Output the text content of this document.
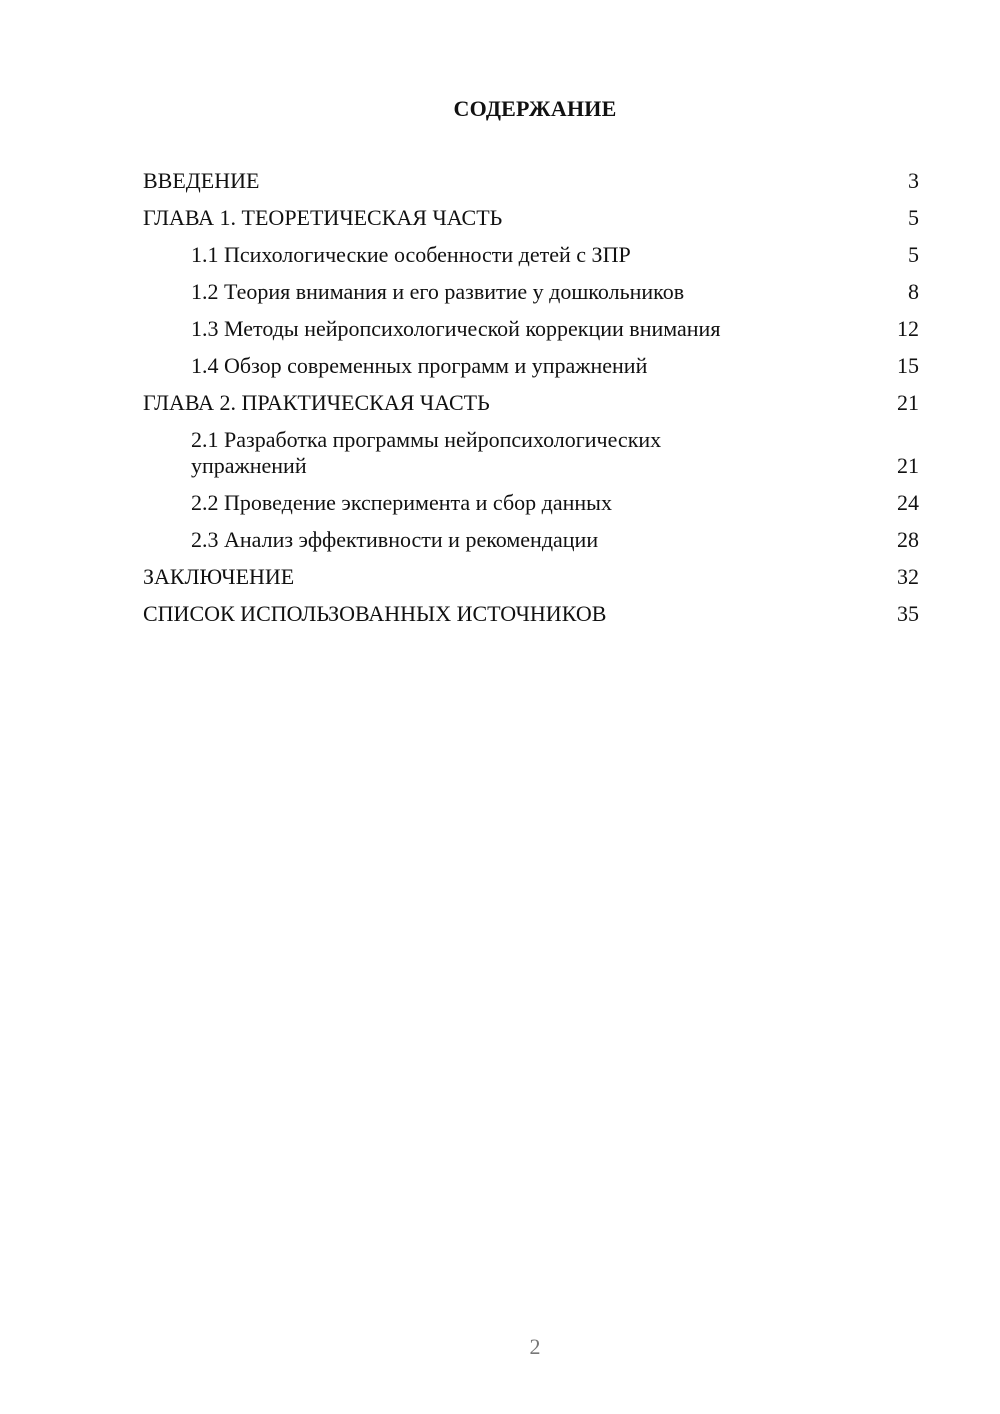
СОДЕРЖАНИЕ
ВВЕДЕНИЕ	3
ГЛАВА 1. ТЕОРЕТИЧЕСКАЯ ЧАСТЬ	5
1.1 Психологические особенности детей с ЗПР	5
1.2 Теория внимания и его развитие у дошкольников	8
1.3 Методы нейропсихологической коррекции внимания	12
1.4 Обзор современных программ и упражнений	15
ГЛАВА 2. ПРАКТИЧЕСКАЯ ЧАСТЬ	21
2.1 Разработка программы нейропсихологических упражнений	21
2.2 Проведение эксперимента и сбор данных	24
2.3 Анализ эффективности и рекомендации	28
ЗАКЛЮЧЕНИЕ	32
СПИСОК ИСПОЛЬЗОВАННЫХ ИСТОЧНИКОВ	35
2
